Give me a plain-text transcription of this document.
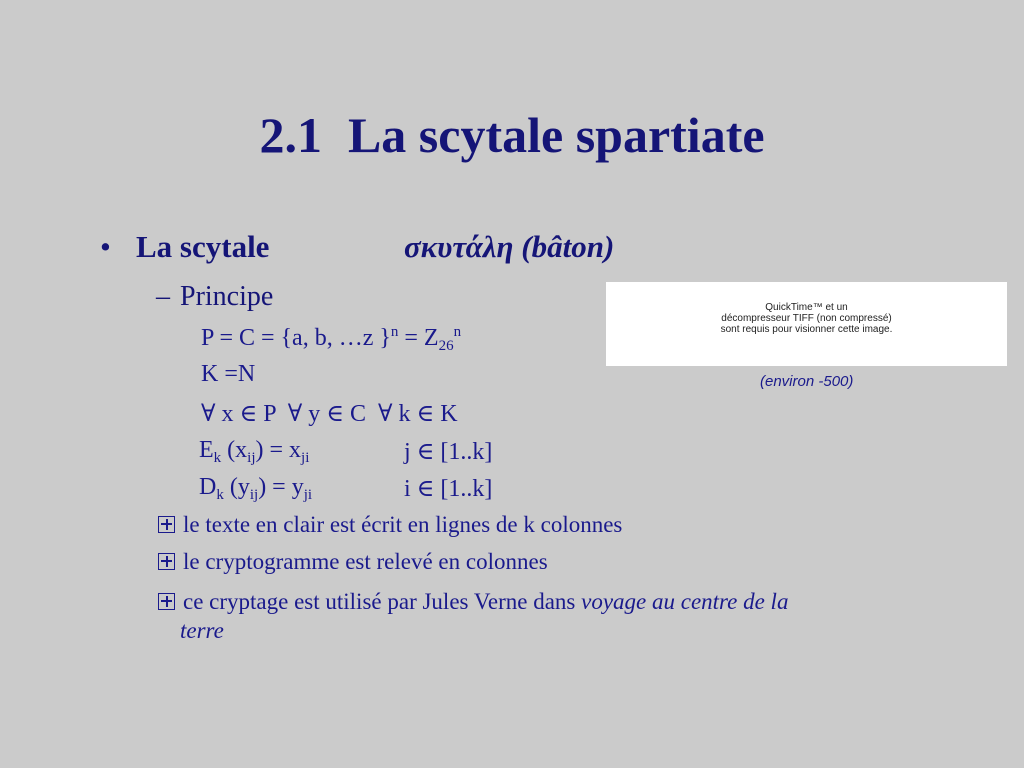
2.1 La scytale spartiate
• La scytale	σκυτάλη (bâton)
– Principe
P = C = {a, b, …z }$^n = Z_{26}^n$
K =N
∀ x ∈ P  ∀ y ∈ C  ∀ k ∈ K
$E_k$ $(x_{ij}) = x_{ji}$	j ∈ [1..k]
$D_k$ $(y_{ij}) = y_{ji}$	i ∈ [1..k]
le texte en clair est écrit en lignes de k colonnes
le cryptogramme est relevé en colonnes
ce cryptage est utilisé par Jules Verne dans voyage au centre de la
terre
QuickTime™ et un
décompresseur TIFF (non compressé)
sont requis pour visionner cette image.
(environ -500)
